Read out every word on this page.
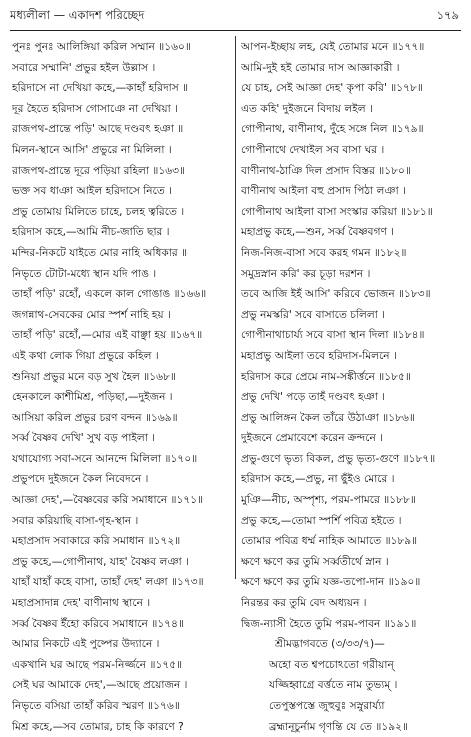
মধ্যলীলা — একাদশ পরিচ্ছেদ	১৭৯
পুনঃ পুনঃ আলিঙ্গিয়া করিল সম্মান ॥১৬০॥
সবারে সম্মানি' প্রভুর হইল উল্লাস ।
হরিদাসে না দেখিয়া কহে,—কাহাঁ হরিদাস ॥
দূর হৈতে হরিদাস গোসাঞে না দেখিয়া ।
রাজপথ-প্রান্তে পড়ি' আছে দণ্ডবৎ হঞা ॥
মিলন-স্থানে আসি' প্রভুরে না মিলিলা ।
রাজপথ-প্রান্তে দূরে পড়িয়া রহিলা ॥১৬৩॥
ভক্ত সব ধাঞা আইল হরিদাসে নিতে ।
প্রভু তোমায় মিলিতে চাহে, চলহ ত্বরিতে ।
হরিদাস কহে,—আমি নীচ-জাতি ছার ।
মন্দির-নিকটে যাইতে মোর নাহি অধিকার ॥
নিভৃতে টোটা-মধ্যে স্থান যদি পাঙ ।
তাহাঁ পড়ি' রহোঁ, একলে কাল গোঙাঙ ॥১৬৬॥
জগন্নাথ-সেবকের মোর স্পর্শ নাহি হয় ।
তাহাঁ পড়ি' রহোঁ,—মোর এই বাঞ্ছা হয় ॥১৬৭॥
এই কথা লোক গিয়া প্রভুরে কহিল ।
শুনিয়া প্রভুর মনে বড় সুখ হৈল ॥১৬৮॥
হেনকালে কাশীমিশ্র, পড়িছা,—দুইজন ।
আসিয়া করিল প্রভুর চরণ বন্দন ॥১৬৯॥
সর্ব্ব বৈষ্ণব দেখি' সুখ বড় পাইলা ।
যথাযোগ্য সবা-সনে আনন্দে মিলিলা ॥১৭০॥
প্রভুপদে দুইজনে কৈল নিবেদনে ।
আজ্ঞা দেহ',—বৈষ্ণবের করি সমাধানে ॥১৭১॥
সবার করিয়াছি বাসা-গৃহ-স্থান ।
মহাপ্রসাদ সবাকারে করি সমাধান ॥১৭২॥
প্রভু কহে,—গোপীনাথ, যাহ' বৈষ্ণব লঞা ।
যাহাঁ যাহাঁ কহে বাসা, তাহাঁ দেহ' লঞা ॥১৭৩॥
মহাপ্রসাদান্ন দেহ' বাণীনাথ স্থানে ।
সর্ব্ব বৈষ্ণব ইঁহো করিবে সমাধানে ॥১৭৪॥
আমার নিকটে এই পুষ্পের উদ্যানে ।
একখানি ঘর আছে পরম-নির্জ্জনে ॥১৭৫॥
সেই ঘর আমাকে দেহ',—আছে প্রয়োজন ।
নিভৃতে বসিয়া তাহাঁ করিব স্মরণ ॥১৭৬॥
মিশ্র কহে,—সব তোমার, চাহ কি কারণে ?
আপন-ইচ্ছায় লহ, যেই তোমার মনে ॥১৭৭॥
আমি-দুই হই তোমার দাস আজ্ঞাকারী ।
যে চাহ, সেই আজ্ঞা দেহ' কৃপা করি' ॥১৭৮॥
এত কহি' দুইজনে বিদায় লইল ।
গোপীনাথ, বাণীনাথ, দুঁহে সঙ্গে নিল ॥১৭৯॥
গোপীনাথে দেখাইল সব বাসা ঘর ।
বাণীনাথ-ঠাঞি দিল প্রসাদ বিস্তর ॥১৮০॥
বাণীনাথ আইলা বহু প্রসাদ পিঠা লঞা ।
গোপীনাথ আইলা বাসা সংস্কার করিয়া ॥১৮১॥
মহাপ্রভু কহে,—শুন, সর্ব্ব বৈষ্ণবগণ ।
নিজ-নিজ-বাসা সবে করহ গমন ॥১৮২॥
সমুদ্রস্নান করি' কর চূড়া দরশন ।
তবে আজি ইহঁ আসি' করিবে ভোজন ॥১৮৩॥
প্রভু নমস্করি' সবে বাসাতে চলিলা ।
গোপীনাথাচার্য্য সবে বাসা স্থান দিলা ॥১৮৪॥
মহাপ্রভু আইলা তবে হরিদাস-মিলনে ।
হরিদাস করে প্রেমে নাম-সঙ্কীর্ত্তনে ॥১৮৫॥
প্রভু দেখি' পড়ে তাহঁ দণ্ডবৎ হঞা ।
প্রভু আলিঙ্গন কৈল তাঁরে উঠাঞা ॥১৮৬॥
দুইজনে প্রেমাবেশে করেন ক্রন্দনে ।
প্রভু-গুণে ভৃত্য বিকল, প্রভু ভৃত্য-গুণে ॥১৮৭॥
হরিদাস কহে,—প্রভু, না ছুঁইও মোরে ।
মুঞি—নীচ, অস্পৃশ্য, পরম-পামরে ॥১৮৮॥
প্রভু কহে,—তোমা স্পর্শি পবিত্র হইতে ।
তোমার পবিত্র ধর্ম্ম নাহিক আমাতে ॥১৮৯॥
ক্ষণে ক্ষণে কর তুমি সর্ব্বতীর্থে স্নান ।
ক্ষণে ক্ষণে কর তুমি যজ্ঞ-তপো-দান ॥১৯০॥
নিরন্তর কর তুমি বেদ অধ্যয়ন ।
দ্বিজ-ন্যাসী হৈতে তুমি পরম-পাবন ॥১৯১॥
শ্রীমদ্ভাগবতে (৩/৩৩/৭)—
অহো বত শ্বপচোঽতো গরীয়ান্
যজ্জিহ্বাগ্রে বর্ত্ততে নাম তুভ্যম্ ।
তেপুস্তপস্তে জুহুবুঃ সস্নুরার্য্যা
ব্রহ্মানূচুর্নাম গৃণন্তি যে তে ॥১৯২॥
